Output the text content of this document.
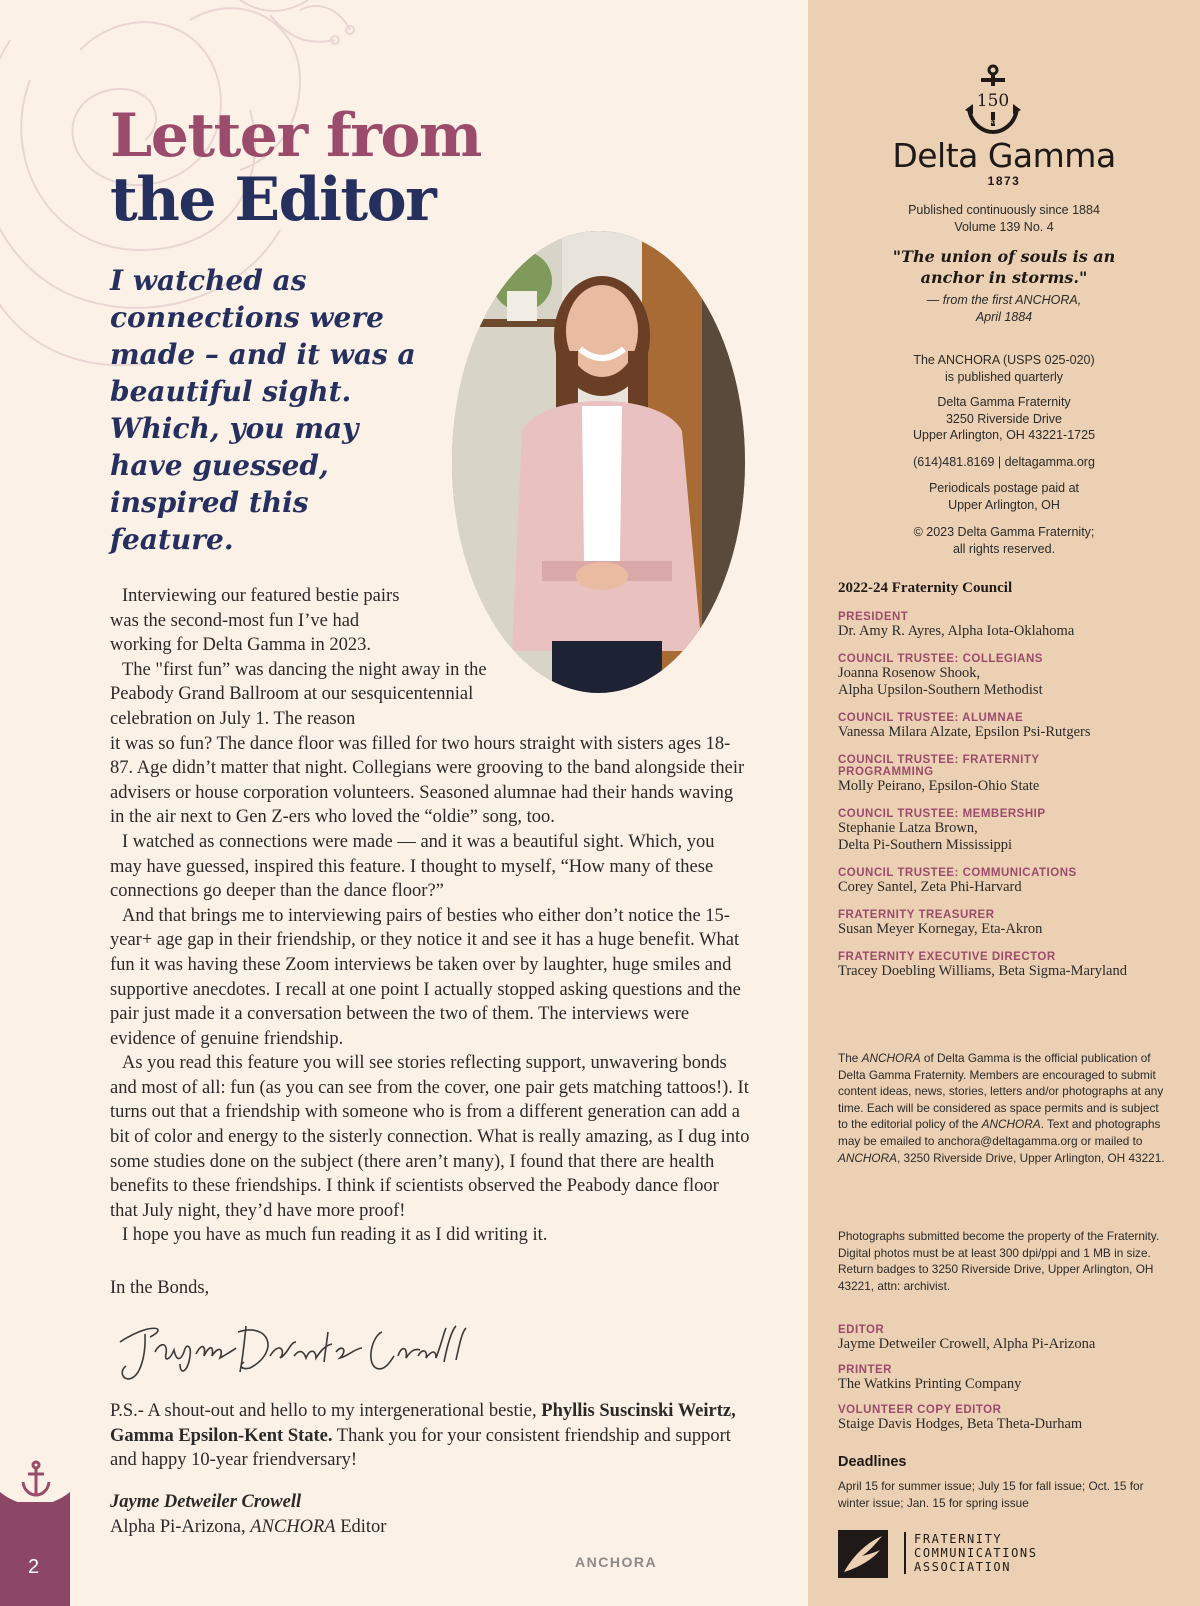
Letter from
the Editor
I watched as connections were made – and it was a beautiful sight. Which, you may have guessed, inspired this feature.

Interviewing our featured bestie pairs was the second-most fun I’ve had working for Delta Gamma in 2023.

The "first fun” was dancing the night away in the Peabody Grand Ballroom at our sesquicentennial celebration on July 1. The reason

it was so fun? The dance floor was filled for two hours straight with sisters ages 18-87. Age didn’t matter that night. Collegians were grooving to the band alongside their advisers or house corporation volunteers. Seasoned alumnae had their hands waving in the air next to Gen Z-ers who loved the “oldie” song, too.

I watched as connections were made — and it was a beautiful sight. Which, you may have guessed, inspired this feature. I thought to myself, “How many of these connections go deeper than the dance floor?”

And that brings me to interviewing pairs of besties who either don’t notice the 15-year+ age gap in their friendship, or they notice it and see it has a huge benefit. What fun it was having these Zoom interviews be taken over by laughter, huge smiles and supportive anecdotes. I recall at one point I actually stopped asking questions and the pair just made it a conversation between the two of them. The interviews were evidence of genuine friendship.

As you read this feature you will see stories reflecting support, unwavering bonds and most of all: fun (as you can see from the cover, one pair gets matching tattoos!). It turns out that a friendship with someone who is from a different generation can add a bit of color and energy to the sisterly connection. What is really amazing, as I dug into some studies done on the subject (there aren’t many), I found that there are health benefits to these friendships. I think if scientists observed the Peabody dance floor that July night, they’d have more proof!

I hope you have as much fun reading it as I did writing it.

In the Bonds,
P.S.- A shout-out and hello to my intergenerational bestie, Phyllis Suscinski Weirtz, Gamma Epsilon-Kent State. Thank you for your consistent friendship and support and happy 10-year friendversary!
Jayme Detweiler Crowell
Alpha Pi-Arizona, ANCHORA Editor
2	ANCHORA
150
AT
Delta Gamma
1873
Published continuously since 1884
Volume 139 No. 4
"The union of souls is an
anchor in storms."
— from the first ANCHORA,
April 1884
The ANCHORA (USPS 025-020)
is published quarterly
Delta Gamma Fraternity
3250 Riverside Drive
Upper Arlington, OH 43221-1725
(614)481.8169 | deltagamma.org
Periodicals postage paid at
Upper Arlington, OH
© 2023 Delta Gamma Fraternity;
all rights reserved.
2022-24 Fraternity Council
PRESIDENT
Dr. Amy R. Ayres, Alpha Iota-Oklahoma
COUNCIL TRUSTEE: COLLEGIANS
Joanna Rosenow Shook,
Alpha Upsilon-Southern Methodist
COUNCIL TRUSTEE: ALUMNAE
Vanessa Milara Alzate, Epsilon Psi-Rutgers
COUNCIL TRUSTEE: FRATERNITY
PROGRAMMING
Molly Peirano, Epsilon-Ohio State
COUNCIL TRUSTEE: MEMBERSHIP
Stephanie Latza Brown,
Delta Pi-Southern Mississippi
COUNCIL TRUSTEE: COMMUNICATIONS
Corey Santel, Zeta Phi-Harvard
FRATERNITY TREASURER
Susan Meyer Kornegay, Eta-Akron
FRATERNITY EXECUTIVE DIRECTOR
Tracey Doebling Williams, Beta Sigma-Maryland
The ANCHORA of Delta Gamma is the official publication of Delta Gamma Fraternity. Members are encouraged to submit content ideas, news, stories, letters and/or photographs at any time. Each will be considered as space permits and is subject to the editorial policy of the ANCHORA. Text and photographs may be emailed to anchora@deltagamma.org or mailed to ANCHORA, 3250 Riverside Drive, Upper Arlington, OH 43221.
Photographs submitted become the property of the Fraternity. Digital photos must be at least 300 dpi/ppi and 1 MB in size. Return badges to 3250 Riverside Drive, Upper Arlington, OH 43221, attn: archivist.
EDITOR
Jayme Detweiler Crowell, Alpha Pi-Arizona
PRINTER
The Watkins Printing Company
VOLUNTEER COPY EDITOR
Staige Davis Hodges, Beta Theta-Durham
Deadlines
April 15 for summer issue; July 15 for fall issue; Oct. 15 for winter issue; Jan. 15 for spring issue
FRATERNITY
COMMUNICATIONS
ASSOCIATION
